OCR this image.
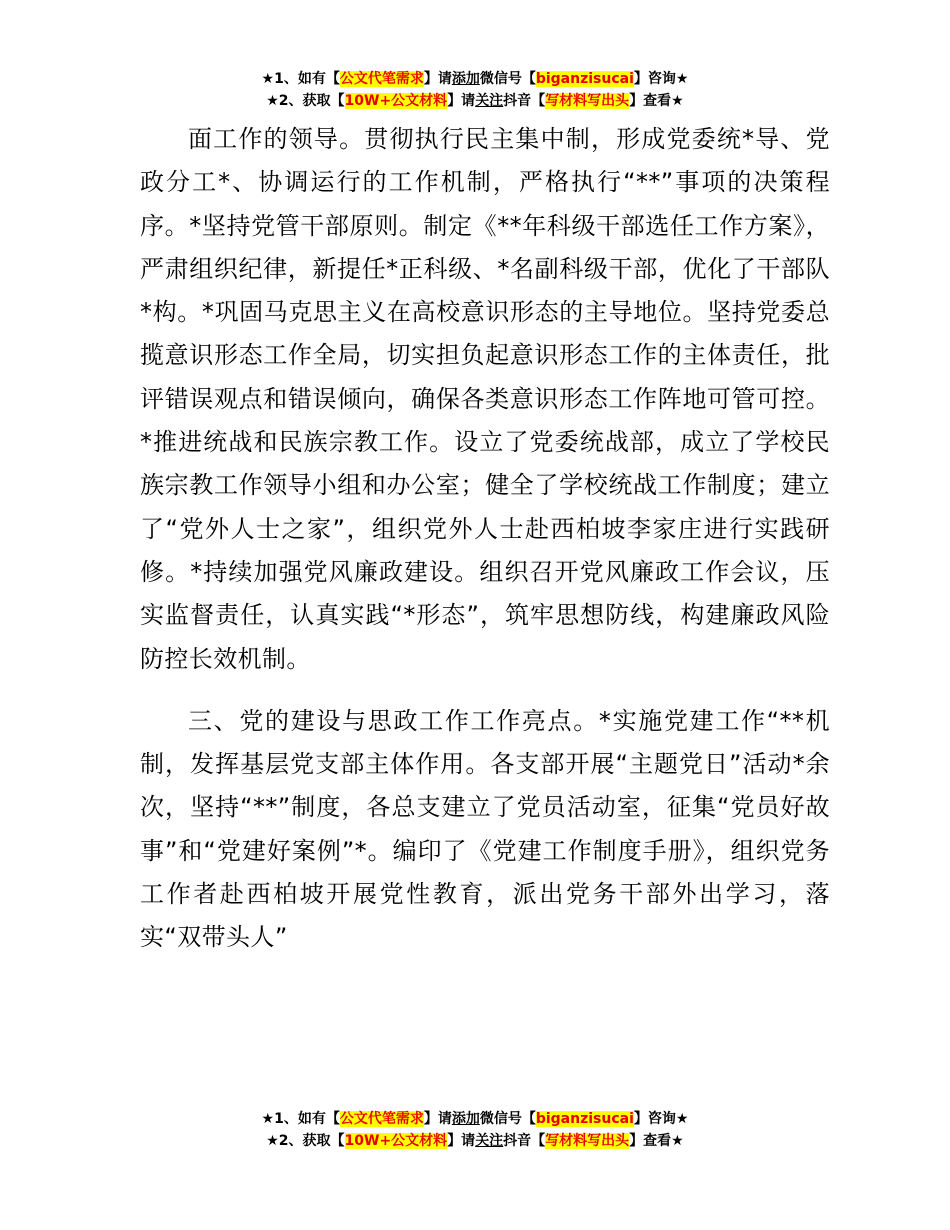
★1、如有【公文代笔需求】请添加微信号【biganzisucai】咨询★
★2、获取【10W+公文材料】请关注抖音【写材料写出头】查看★

面工作的领导。贯彻执行民主集中制，形成党委统*导、党政分工*、协调运行的工作机制，严格执行“**”事项的决策程序。*坚持党管干部原则。制定《**年科级干部选任工作方案》，严肃组织纪律，新提任*正科级、*名副科级干部，优化了干部队*构。*巩固马克思主义在高校意识形态的主导地位。坚持党委总揽意识形态工作全局，切实担负起意识形态工作的主体责任，批评错误观点和错误倾向，确保各类意识形态工作阵地可管可控。*推进统战和民族宗教工作。设立了党委统战部，成立了学校民族宗教工作领导小组和办公室；健全了学校统战工作制度；建立了“党外人士之家”，组织党外人士赴西柏坡李家庄进行实践研修。*持续加强党风廉政建设。组织召开党风廉政工作会议，压实监督责任，认真实践“*形态”，筑牢思想防线，构建廉政风险防控长效机制。

三、党的建设与思政工作工作亮点。*实施党建工作“**机制，发挥基层党支部主体作用。各支部开展“主题党日”活动*余次，坚持“**”制度，各总支建立了党员活动室，征集“党员好故事”和“党建好案例”*。编印了《党建工作制度手册》，组织党务工作者赴西柏坡开展党性教育，派出党务干部外出学习，落实“双带头人”

★1、如有【公文代笔需求】请添加微信号【biganzisucai】咨询★
★2、获取【10W+公文材料】请关注抖音【写材料写出头】查看★
